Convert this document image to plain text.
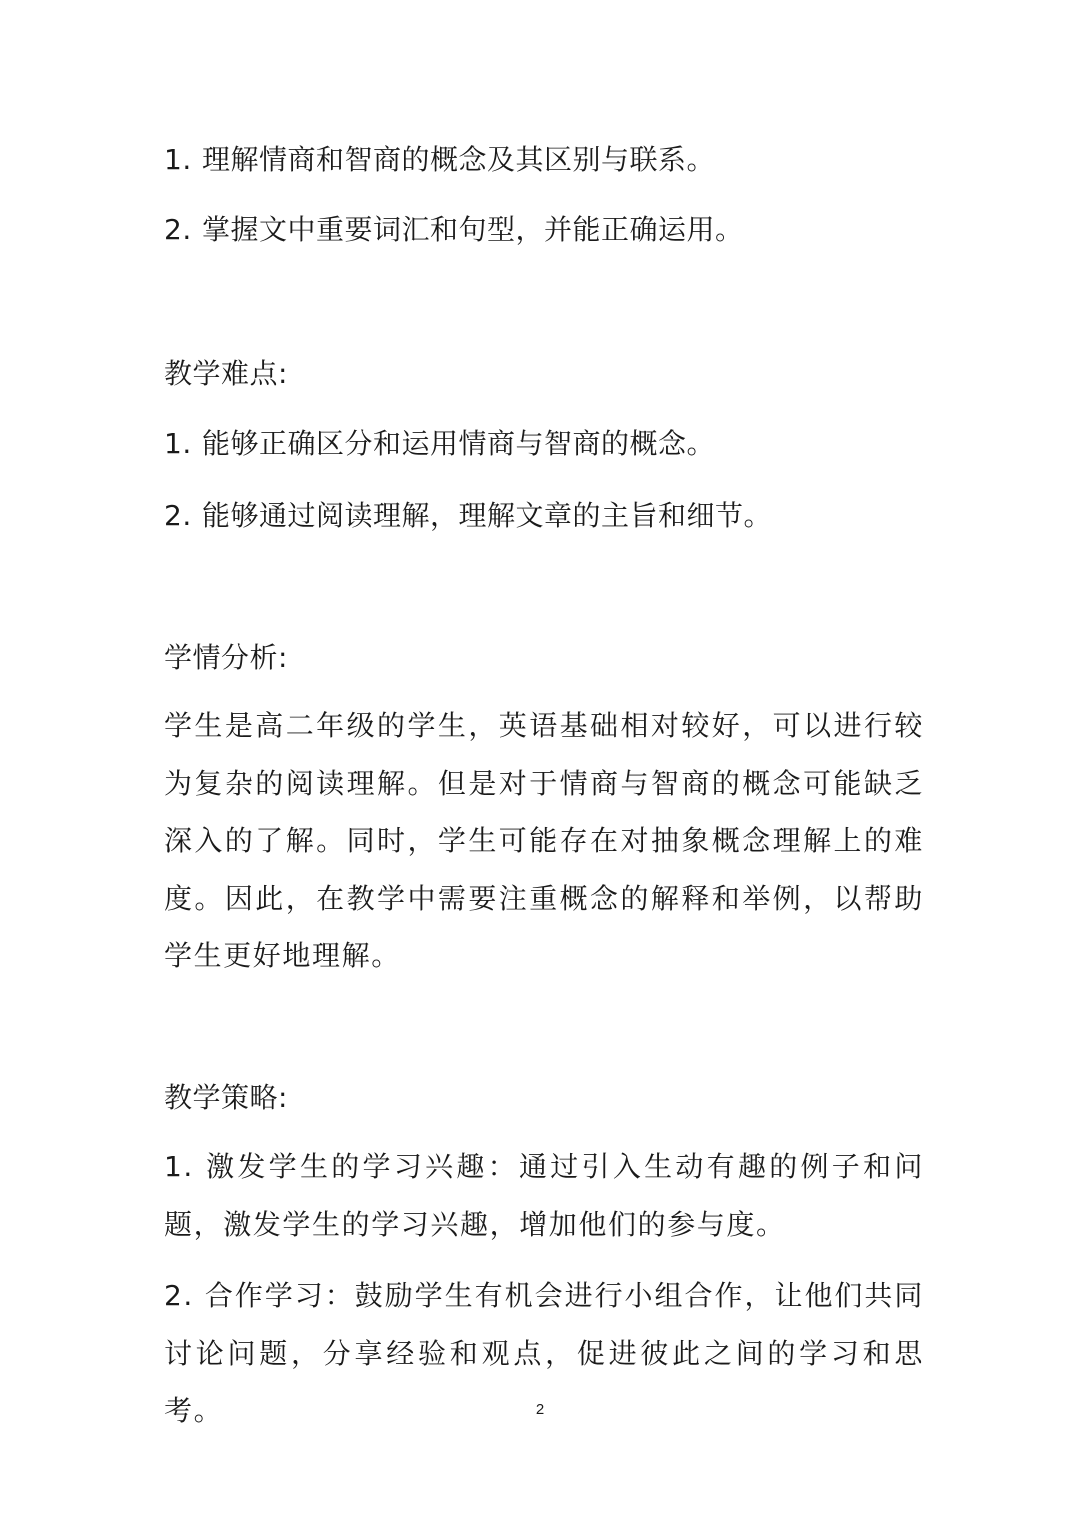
1. 理解情商和智商的概念及其区别与联系。
2. 掌握文中重要词汇和句型，并能正确运用。
教学难点:
1. 能够正确区分和运用情商与智商的概念。
2. 能够通过阅读理解，理解文章的主旨和细节。
学情分析:

学生是高二年级的学生，英语基础相对较好，可以进行较为复杂的阅读理解。但是对于情商与智商的概念可能缺乏深入的了解。同时，学生可能存在对抽象概念理解上的难度。因此，在教学中需要注重概念的解释和举例，以帮助学生更好地理解。

教学策略:

1. 激发学生的学习兴趣：通过引入生动有趣的例子和问题，激发学生的学习兴趣，增加他们的参与度。

2. 合作学习：鼓励学生有机会进行小组合作，让他们共同讨论问题，分享经验和观点，促进彼此之间的学习和思考。	2
